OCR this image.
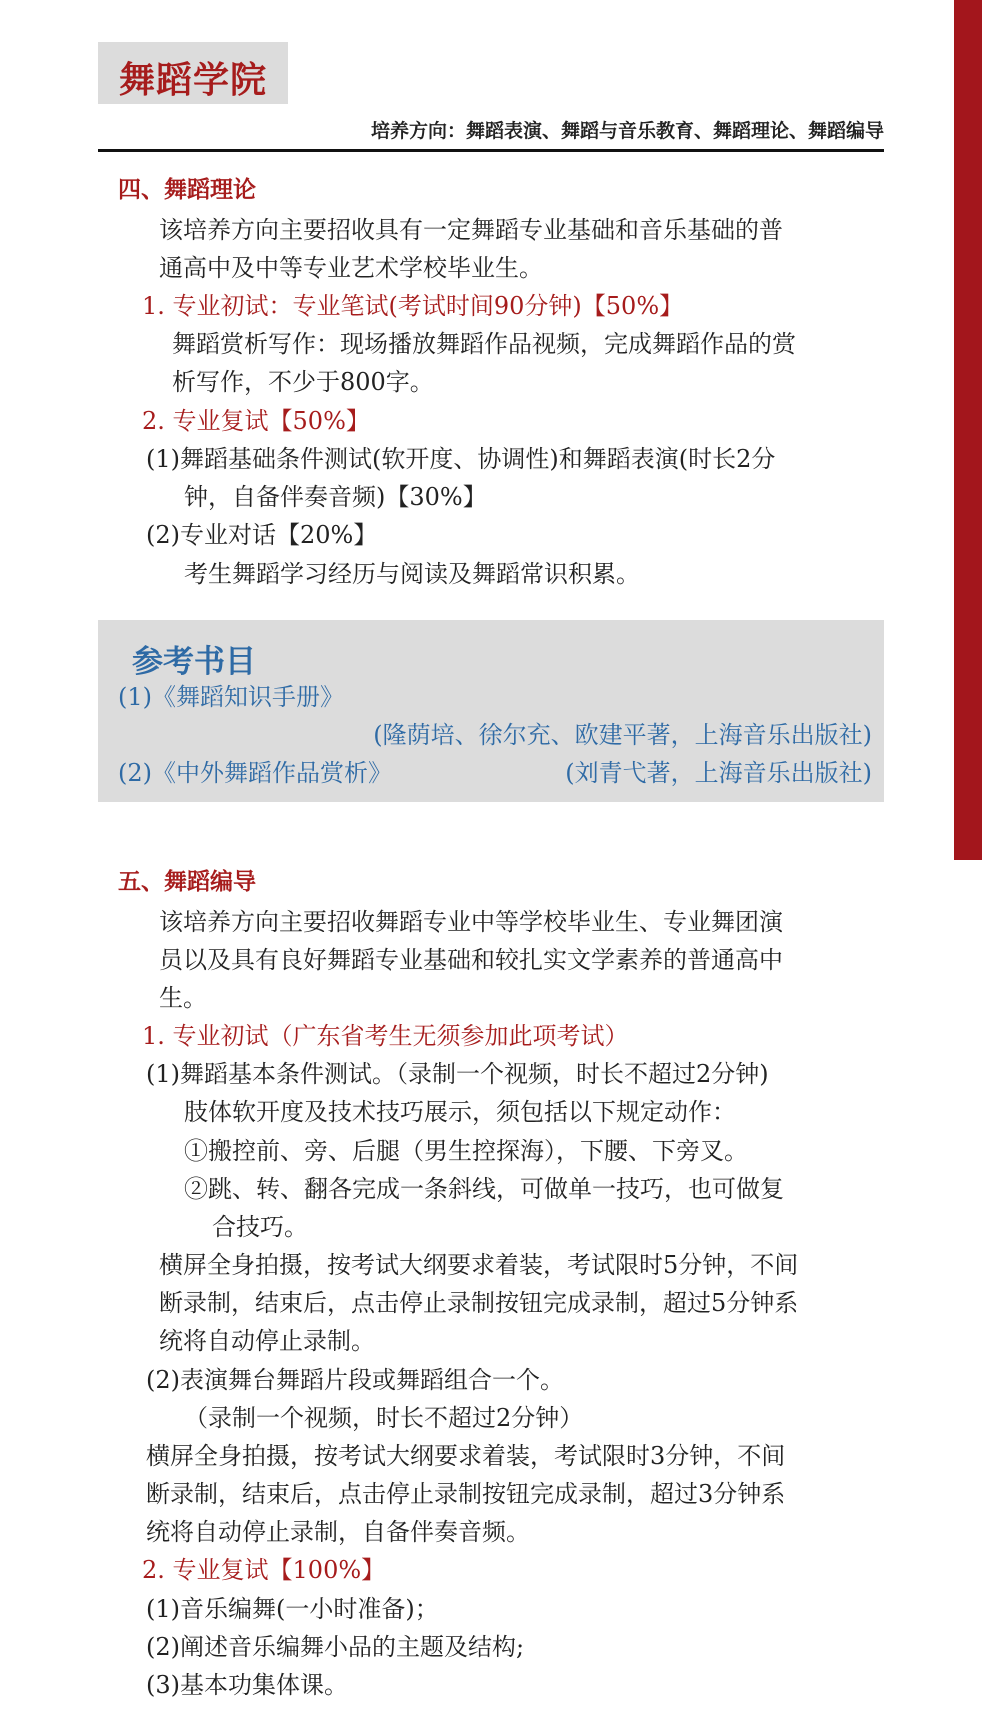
舞蹈学院
培养方向：舞蹈表演、舞蹈与音乐教育、舞蹈理论、舞蹈编导
四、舞蹈理论
该培养方向主要招收具有一定舞蹈专业基础和音乐基础的普
通高中及中等专业艺术学校毕业生。
1. 专业初试：专业笔试(考试时间90分钟)【50%】
舞蹈赏析写作：现场播放舞蹈作品视频，完成舞蹈作品的赏
析写作，不少于800字。
2. 专业复试【50%】
(1)舞蹈基础条件测试(软开度、协调性)和舞蹈表演(时长2分
钟，自备伴奏音频)【30%】
(2)专业对话【20%】
考生舞蹈学习经历与阅读及舞蹈常识积累。
参考书目
(1)《舞蹈知识手册》
(隆荫培、徐尔充、欧建平著，上海音乐出版社)
(2)《中外舞蹈作品赏析》	(刘青弋著，上海音乐出版社)
五、舞蹈编导
该培养方向主要招收舞蹈专业中等学校毕业生、专业舞团演
员以及具有良好舞蹈专业基础和较扎实文学素养的普通高中
生。
1. 专业初试（广东省考生无须参加此项考试）
(1)舞蹈基本条件测试。（录制一个视频，时长不超过2分钟)
肢体软开度及技术技巧展示，须包括以下规定动作：
①搬控前、旁、后腿（男生控探海），下腰、下旁叉。
②跳、转、翻各完成一条斜线，可做单一技巧，也可做复
合技巧。
横屏全身拍摄，按考试大纲要求着装，考试限时5分钟，不间
断录制，结束后，点击停止录制按钮完成录制，超过5分钟系
统将自动停止录制。
(2)表演舞台舞蹈片段或舞蹈组合一个。
（录制一个视频，时长不超过2分钟）
横屏全身拍摄，按考试大纲要求着装，考试限时3分钟，不间
断录制，结束后，点击停止录制按钮完成录制，超过3分钟系
统将自动停止录制，自备伴奏音频。
2. 专业复试【100%】
(1)音乐编舞(一小时准备)；
(2)阐述音乐编舞小品的主题及结构;
(3)基本功集体课。
